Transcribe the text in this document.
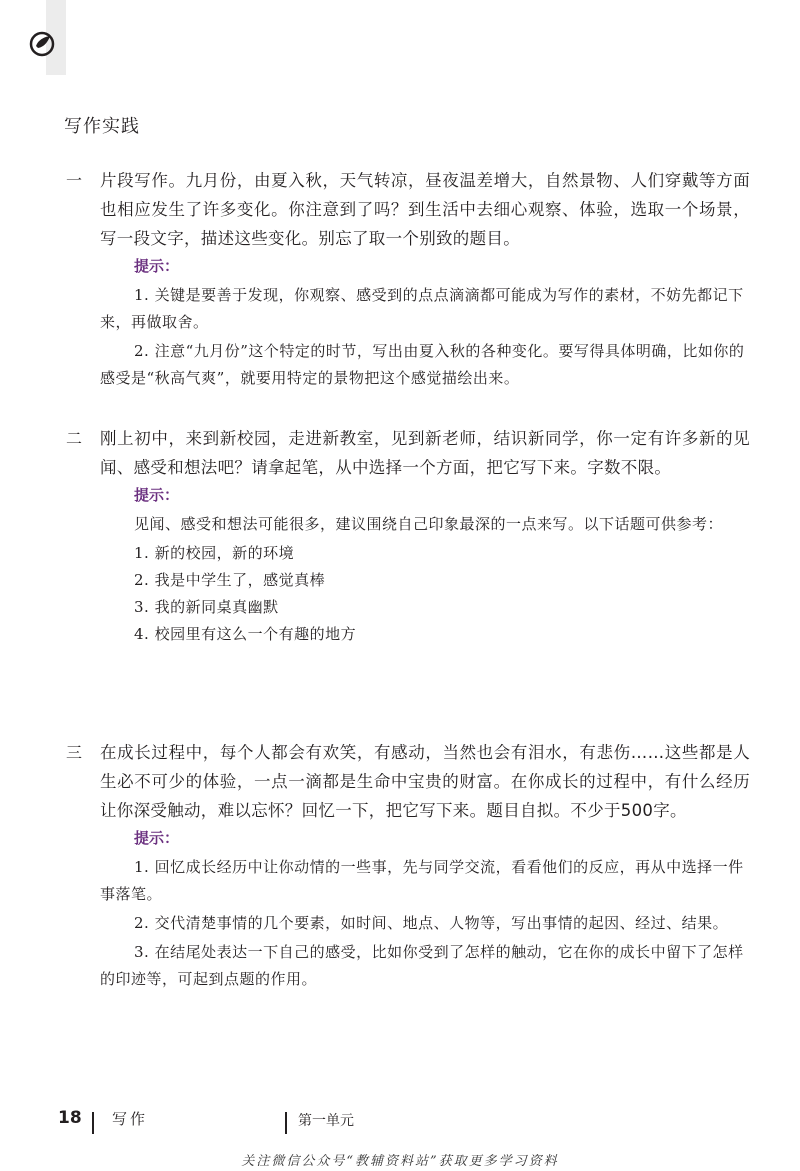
写作实践
一 片段写作。九月份，由夏入秋，天气转凉，昼夜温差增大，自然景物、人们穿戴等方面也相应发生了许多变化。你注意到了吗？到生活中去细心观察、体验，选取一个场景，写一段文字，描述这些变化。别忘了取一个别致的题目。
提示：
1. 关键是要善于发现，你观察、感受到的点点滴滴都可能成为写作的素材，不妨先都记下来，再做取舍。
2. 注意“九月份”这个特定的时节，写出由夏入秋的各种变化。要写得具体明确，比如你的感受是“秋高气爽”，就要用特定的景物把这个感觉描绘出来。
二 刚上初中，来到新校园，走进新教室，见到新老师，结识新同学，你一定有许多新的见闻、感受和想法吧？请拿起笔，从中选择一个方面，把它写下来。字数不限。
提示：
见闻、感受和想法可能很多，建议围绕自己印象最深的一点来写。以下话题可供参考：
1. 新的校园，新的环境
2. 我是中学生了，感觉真棒
3. 我的新同桌真幽默
4. 校园里有这么一个有趣的地方
三 在成长过程中，每个人都会有欢笑，有感动，当然也会有泪水，有悲伤……这些都是人生必不可少的体验，一点一滴都是生命中宝贵的财富。在你成长的过程中，有什么经历让你深受触动，难以忘怀？回忆一下，把它写下来。题目自拟。不少于500字。
提示：
1. 回忆成长经历中让你动情的一些事，先与同学交流，看看他们的反应，再从中选择一件事落笔。
2. 交代清楚事情的几个要素，如时间、地点、人物等，写出事情的起因、经过、结果。
3. 在结尾处表达一下自己的感受，比如你受到了怎样的触动，它在你的成长中留下了怎样的印迹等，可起到点题的作用。
18 写作	第一单元
关注微信公众号“教辅资料站”获取更多学习资料
